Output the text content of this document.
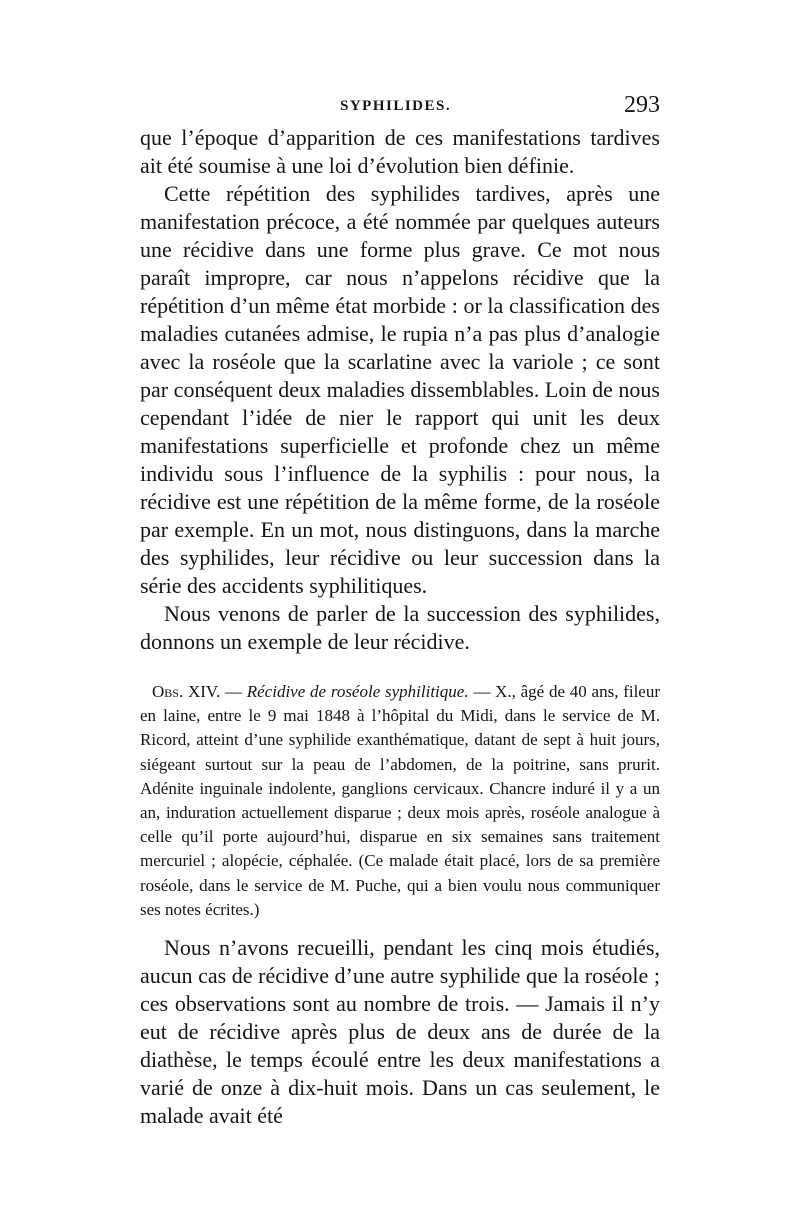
SYPHILIDES.	293

que l’époque d’apparition de ces manifestations tardives ait été soumise à une loi d’évolution bien définie.

Cette répétition des syphilides tardives, après une manifestation précoce, a été nommée par quelques auteurs une récidive dans une forme plus grave. Ce mot nous paraît impropre, car nous n’appelons récidive que la répétition d’un même état morbide : or la classification des maladies cutanées admise, le rupia n’a pas plus d’analogie avec la roséole que la scarlatine avec la variole ; ce sont par conséquent deux maladies dissemblables. Loin de nous cependant l’idée de nier le rapport qui unit les deux manifestations superficielle et profonde chez un même individu sous l’influence de la syphilis : pour nous, la récidive est une répétition de la même forme, de la roséole par exemple. En un mot, nous distinguons, dans la marche des syphilides, leur récidive ou leur succession dans la série des accidents syphilitiques.

Nous venons de parler de la succession des syphilides, donnons un exemple de leur récidive.

Obs. XIV. — Récidive de roséole syphilitique. — X., âgé de 40 ans, fileur en laine, entre le 9 mai 1848 à l’hôpital du Midi, dans le service de M. Ricord, atteint d’une syphilide exanthématique, datant de sept à huit jours, siégeant surtout sur la peau de l’abdomen, de la poitrine, sans prurit. Adénite inguinale indolente, ganglions cervicaux. Chancre induré il y a un an, induration actuellement disparue ; deux mois après, roséole analogue à celle qu’il porte aujourd’hui, disparue en six semaines sans traitement mercuriel ; alopécie, céphalée. (Ce malade était placé, lors de sa première roséole, dans le service de M. Puche, qui a bien voulu nous communiquer ses notes écrites.)

Nous n’avons recueilli, pendant les cinq mois étudiés, aucun cas de récidive d’une autre syphilide que la roséole ; ces observations sont au nombre de trois. — Jamais il n’y eut de récidive après plus de deux ans de durée de la diathèse, le temps écoulé entre les deux manifestations a varié de onze à dix-huit mois. Dans un cas seulement, le malade avait été
